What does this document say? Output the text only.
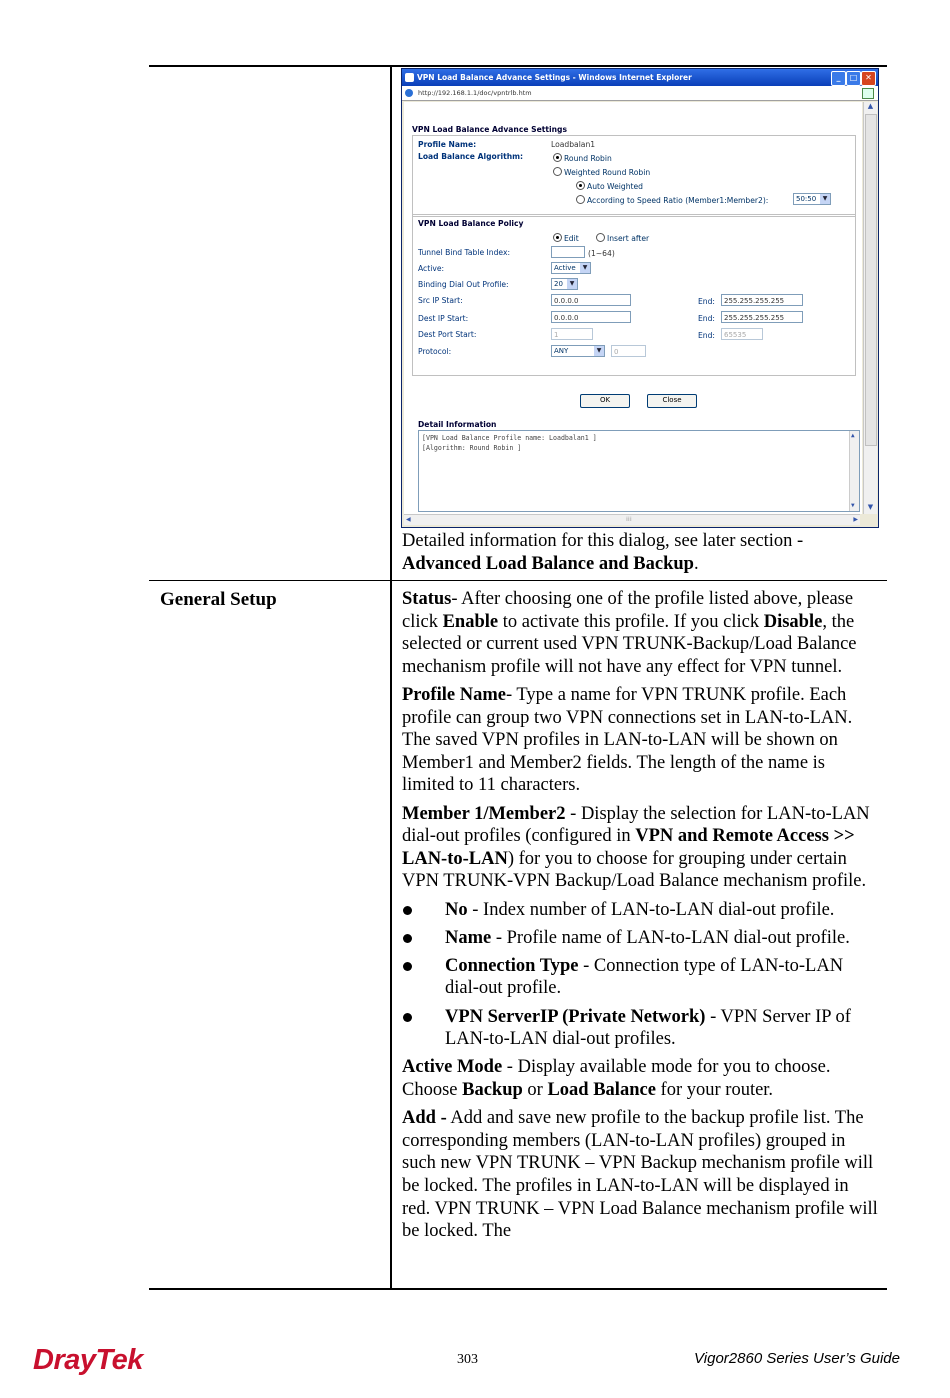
VPN Load Balance Advance Settings - Windows Internet Explorer	_	□ ✕
http://192.168.1.1/doc/vpntrlb.htm
VPN Load Balance Advance Settings
Profile Name:	Loadbalan1
Load Balance Algorithm:	Round Robin
Weighted Round Robin
Auto Weighted
According to Speed Ratio (Member1:Member2):	50:50	▼
VPN Load Balance Policy
Edit	Insert after
Tunnel Bind Table Index:	(1~64)
Active:	Active	▼
Binding Dial Out Profile:	20	▼
Src IP Start:	0.0.0.0	End:	255.255.255.255
Dest IP Start:	0.0.0.0	End:	255.255.255.255
Dest Port Start:	1	End:	65535
Protocol:	ANY	▼	0
OK	Close
Detail Information
[VPN Load Balance Profile name: Loadbalan1 ]
[Algorithm: Round Robin ]
▲
▼
▲
▼
◀	⁞⁞⁞	▶

Detailed information for this dialog, see later section - Advanced Load Balance and Backup.

General Setup	Status- After choosing one of the profile listed above, please click Enable to activate this profile. If you click Disable, the selected or current used VPN TRUNK-Backup/Load Balance mechanism profile will not have any effect for VPN tunnel.

Profile Name- Type a name for VPN TRUNK profile. Each profile can group two VPN connections set in LAN-to-LAN. The saved VPN profiles in LAN-to-LAN will be shown on Member1 and Member2 fields. The length of the name is limited to 11 characters.

Member 1/Member2 - Display the selection for LAN-to-LAN dial-out profiles (configured in VPN and Remote Access >> LAN-to-LAN) for you to choose for grouping under certain VPN TRUNK-VPN Backup/Load Balance mechanism profile.

No - Index number of LAN-to-LAN dial-out profile.
Name - Profile name of LAN-to-LAN dial-out profile.
Connection Type - Connection type of LAN-to-LAN dial-out profile.
VPN ServerIP (Private Network) - VPN Server IP of LAN-to-LAN dial-out profiles.

Active Mode - Display available mode for you to choose. Choose Backup or Load Balance for your router.

Add - Add and save new profile to the backup profile list. The corresponding members (LAN-to-LAN profiles) grouped in such new VPN TRUNK – VPN Backup mechanism profile will be locked. The profiles in LAN-to-LAN will be displayed in red. VPN TRUNK – VPN Load Balance mechanism profile will be locked. The

DrayTek	303	Vigor2860 Series User’s Guide
